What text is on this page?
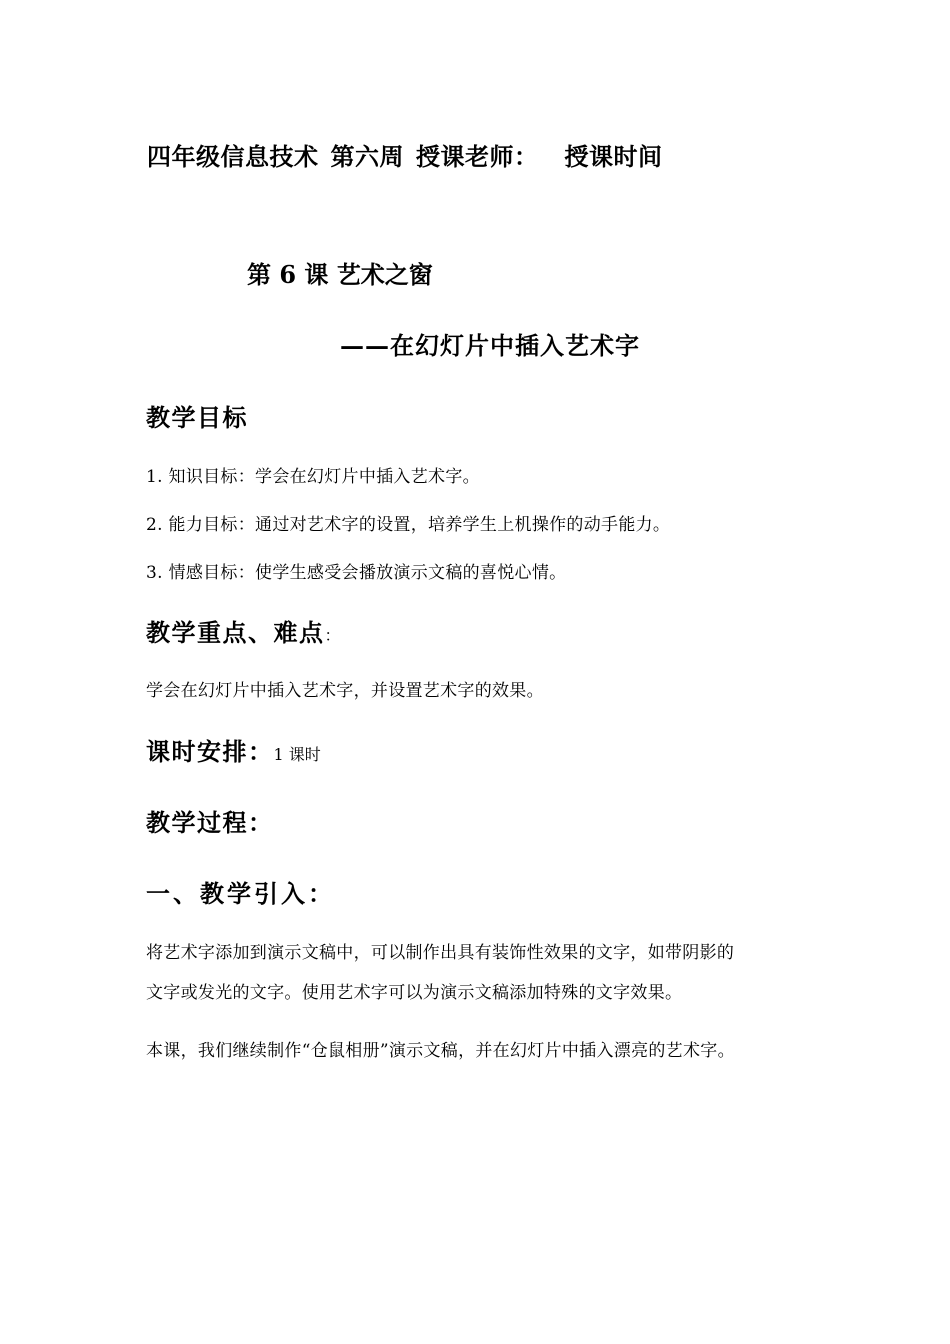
四年级信息技术 第六周 授课老师： 授课时间
第 6 课 艺术之窗
——在幻灯片中插入艺术字
教学目标
1. 知识目标：学会在幻灯片中插入艺术字。
2. 能力目标：通过对艺术字的设置，培养学生上机操作的动手能力。
3. 情感目标：使学生感受会播放演示文稿的喜悦心情。
教学重点、难点：
学会在幻灯片中插入艺术字，并设置艺术字的效果。
课时安排：1 课时
教学过程：
一、教学引入：
将艺术字添加到演示文稿中，可以制作出具有装饰性效果的文字，如带阴影的
文字或发光的文字。使用艺术字可以为演示文稿添加特殊的文字效果。
本课，我们继续制作“仓鼠相册”演示文稿，并在幻灯片中插入漂亮的艺术字。
